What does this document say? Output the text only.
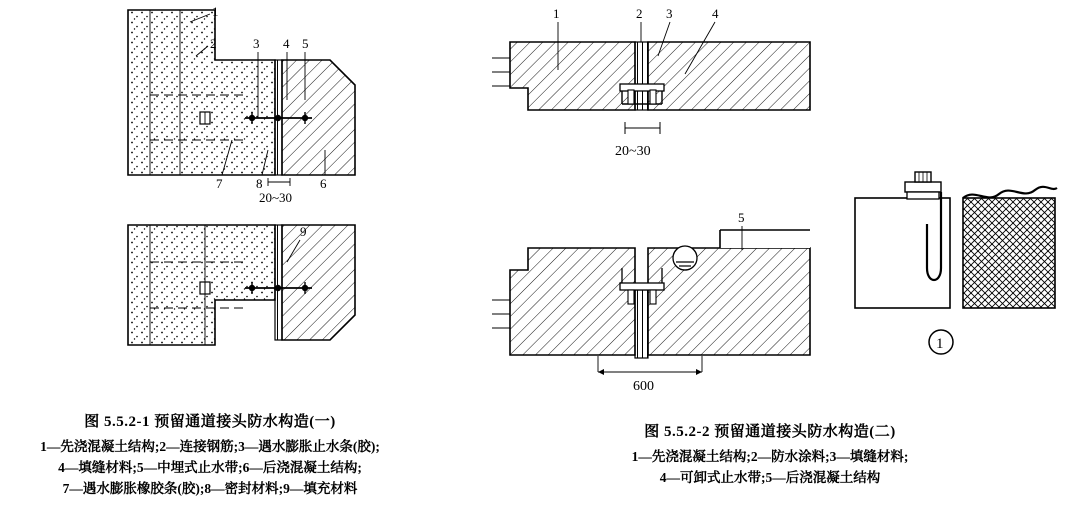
1
2	3 4 5
7	8	6
20~30
9
图 5.5.2-1 预留通道接头防水构造(一)
1—先浇混凝土结构;2—连接钢筋;3—遇水膨胀止水条(胶);
4—填缝材料;5—中埋式止水带;6—后浇混凝土结构;
7—遇水膨胀橡胶条(胶);8—密封材料;9—填充材料
1	2 3	4
20~30
5
600
图 5.5.2-2 预留通道接头防水构造(二)
1—先浇混凝土结构;2—防水涂料;3—填缝材料;
4—可卸式止水带;5—后浇混凝土结构
1
